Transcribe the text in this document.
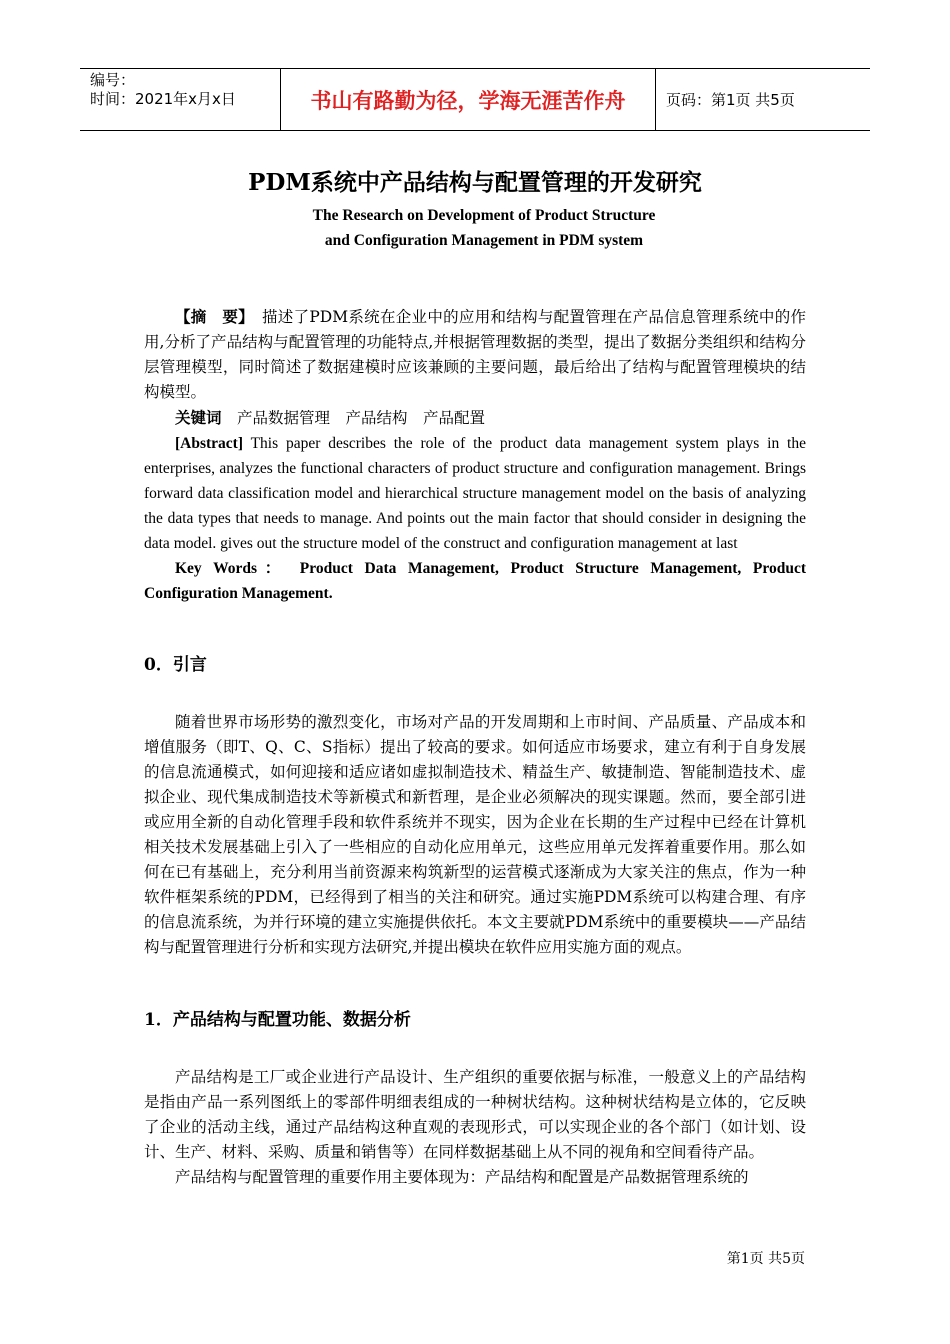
编号：
时间：2021年x月x日	书山有路勤为径，学海无涯苦作舟	页码：第1页 共5页
PDM系统中产品结构与配置管理的开发研究
The Research on Development of Product Structure
and Configuration Management in PDM system

【摘　要】　描述了PDM系统在企业中的应用和结构与配置管理在产品信息管理系统中的作用,分析了产品结构与配置管理的功能特点,并根据管理数据的类型，提出了数据分类组织和结构分层管理模型，同时简述了数据建模时应该兼顾的主要问题，最后给出了结构与配置管理模块的结构模型。

关键词　产品数据管理　产品结构　产品配置

[Abstract] This paper describes the role of the product data management system plays in the enterprises, analyzes the functional characters of product structure and configuration management. Brings forward data classification model and hierarchical structure management model on the basis of analyzing the data types that needs to manage. And points out the main factor that should consider in designing the data model. gives out the structure model of the construct and configuration management at last

Key Words： Product Data Management, Product Structure Management, Product Configuration Management.

0．引言

随着世界市场形势的激烈变化，市场对产品的开发周期和上市时间、产品质量、产品成本和增值服务（即T、Q、C、S指标）提出了较高的要求。如何适应市场要求，建立有利于自身发展的信息流通模式，如何迎接和适应诸如虚拟制造技术、精益生产、敏捷制造、智能制造技术、虚拟企业、现代集成制造技术等新模式和新哲理，是企业必须解决的现实课题。然而，要全部引进或应用全新的自动化管理手段和软件系统并不现实，因为企业在长期的生产过程中已经在计算机相关技术发展基础上引入了一些相应的自动化应用单元，这些应用单元发挥着重要作用。那么如何在已有基础上，充分利用当前资源来构筑新型的运营模式逐渐成为大家关注的焦点，作为一种软件框架系统的PDM，已经得到了相当的关注和研究。通过实施PDM系统可以构建合理、有序的信息流系统，为并行环境的建立实施提供依托。本文主要就PDM系统中的重要模块——产品结构与配置管理进行分析和实现方法研究,并提出模块在软件应用实施方面的观点。

1．产品结构与配置功能、数据分析

产品结构是工厂或企业进行产品设计、生产组织的重要依据与标准，一般意义上的产品结构是指由产品一系列图纸上的零部件明细表组成的一种树状结构。这种树状结构是立体的，它反映了企业的活动主线，通过产品结构这种直观的表现形式，可以实现企业的各个部门（如计划、设计、生产、材料、采购、质量和销售等）在同样数据基础上从不同的视角和空间看待产品。

产品结构与配置管理的重要作用主要体现为：产品结构和配置是产品数据管理系统的

第1页 共5页
